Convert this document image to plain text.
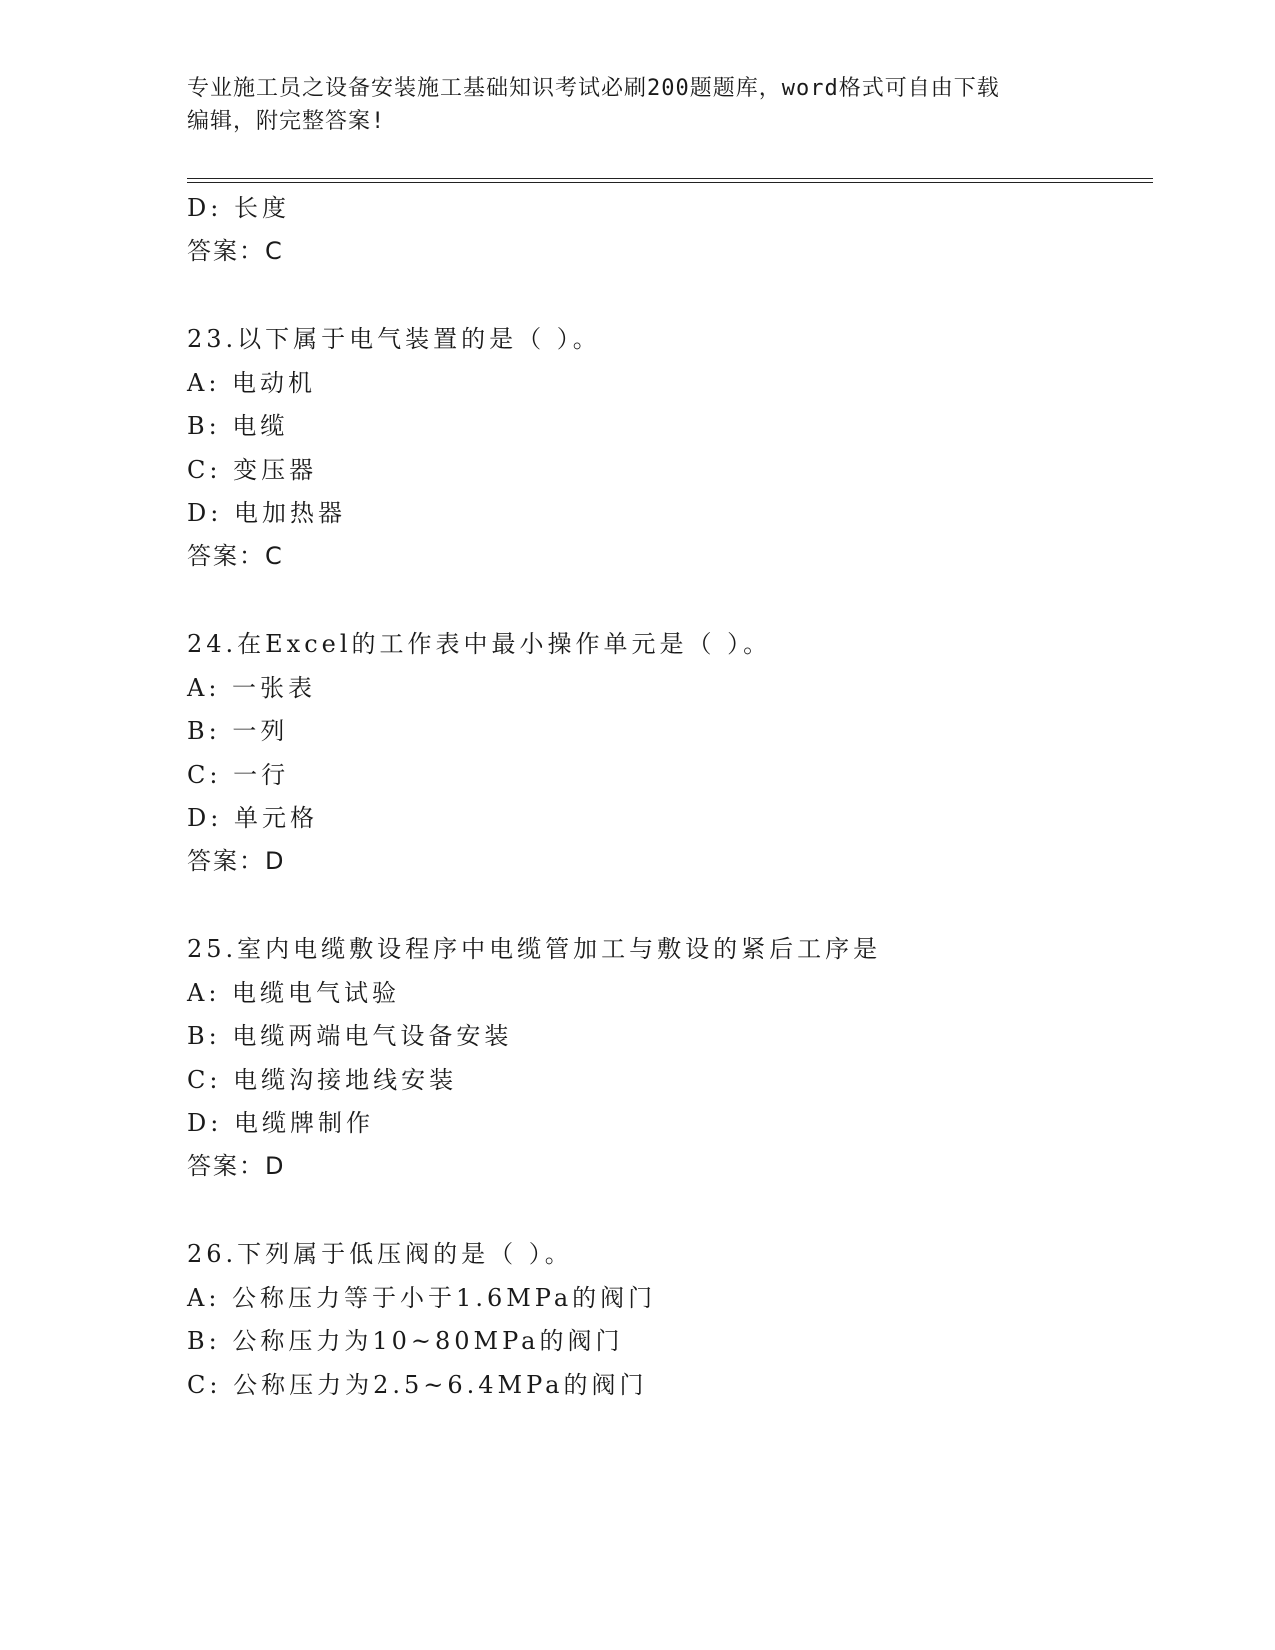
专业施工员之设备安装施工基础知识考试必刷200题题库，word格式可自由下载
编辑，附完整答案!
D: 长度
答案：C
23.以下属于电气装置的是（ ）。
A: 电动机
B: 电缆
C: 变压器
D: 电加热器
答案：C
24.在Excel的工作表中最小操作单元是（ ）。
A: 一张表
B: 一列
C: 一行
D: 单元格
答案：D
25.室内电缆敷设程序中电缆管加工与敷设的紧后工序是
A: 电缆电气试验
B: 电缆两端电气设备安装
C: 电缆沟接地线安装
D: 电缆牌制作
答案：D
26.下列属于低压阀的是（ ）。
A: 公称压力等于小于1.6MPa的阀门
B: 公称压力为10~80MPa的阀门
C: 公称压力为2.5~6.4MPa的阀门
